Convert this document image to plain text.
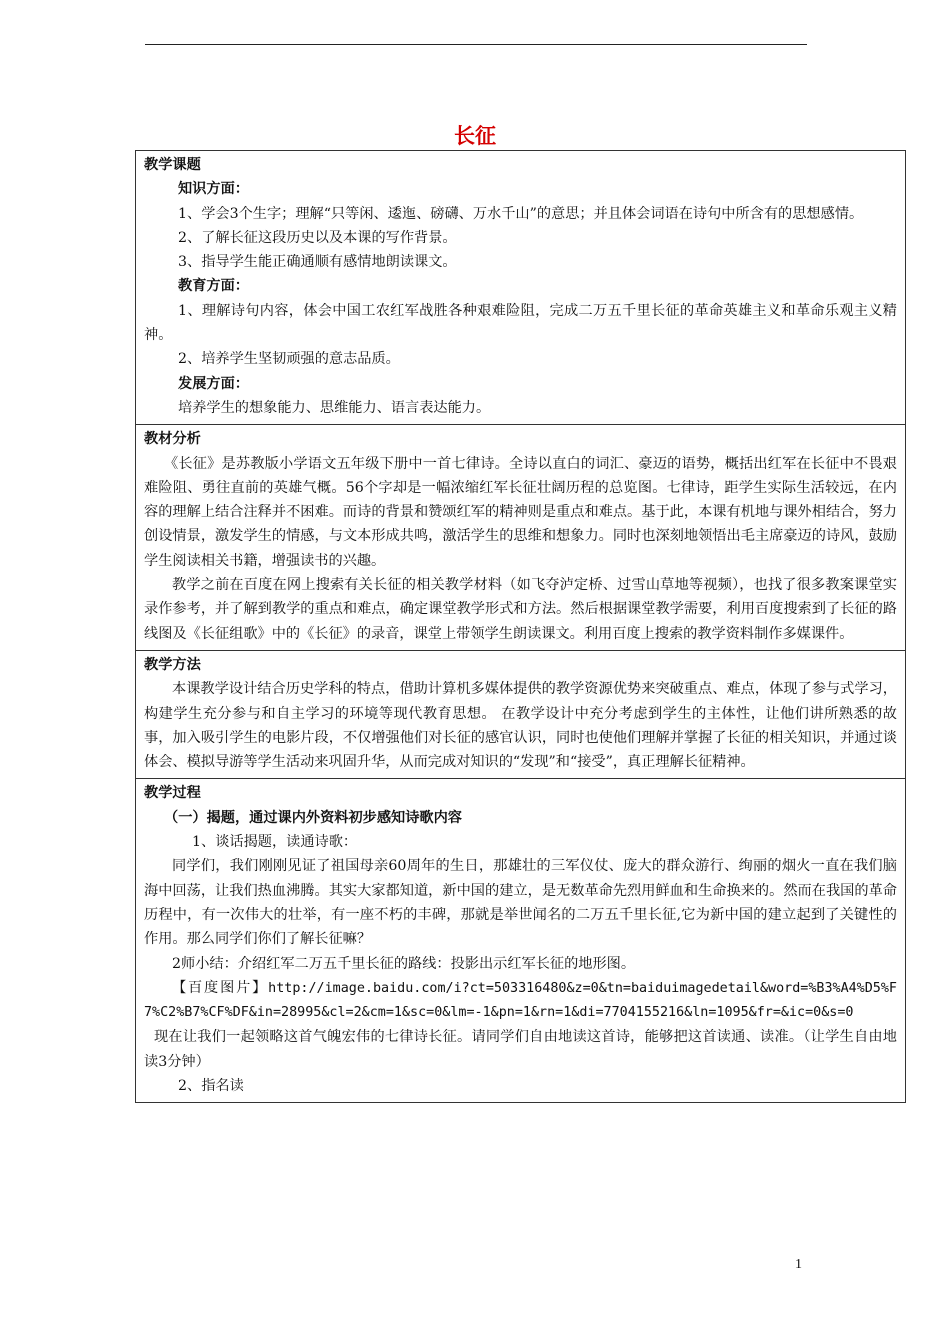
长征
教学课题
知识方面：
1、学会3个生字；理解“只等闲、逶迤、磅礴、万水千山”的意思；并且体会词语在诗句中所含有的思想感情。
2、了解长征这段历史以及本课的写作背景。
3、指导学生能正确通顺有感情地朗读课文。
教育方面：
1、理解诗句内容，体会中国工农红军战胜各种艰难险阻，完成二万五千里长征的革命英雄主义和革命乐观主义精神。
2、培养学生坚韧顽强的意志品质。
发展方面：
培养学生的想象能力、思维能力、语言表达能力。

教材分析
《长征》是苏教版小学语文五年级下册中一首七律诗。全诗以直白的词汇、豪迈的语势，概括出红军在长征中不畏艰难险阻、勇往直前的英雄气概。56个字却是一幅浓缩红军长征壮阔历程的总览图。七律诗，距学生实际生活较远，在内容的理解上结合注释并不困难。而诗的背景和赞颂红军的精神则是重点和难点。基于此，本课有机地与课外相结合，努力创设情景，激发学生的情感，与文本形成共鸣，激活学生的思维和想象力。同时也深刻地领悟出毛主席豪迈的诗风，鼓励学生阅读相关书籍，增强读书的兴趣。
教学之前在百度在网上搜索有关长征的相关教学材料（如飞夺泸定桥、过雪山草地等视频），也找了很多教案课堂实录作参考，并了解到教学的重点和难点，确定课堂教学形式和方法。然后根据课堂教学需要，利用百度搜索到了长征的路线图及《长征组歌》中的《长征》的录音，课堂上带领学生朗读课文。利用百度上搜索的教学资料制作多媒课件。

教学方法
本课教学设计结合历史学科的特点，借助计算机多媒体提供的教学资源优势来突破重点、难点，体现了参与式学习，构建学生充分参与和自主学习的环境等现代教育思想。 在教学设计中充分考虑到学生的主体性，让他们讲所熟悉的故事，加入吸引学生的电影片段，不仅增强他们对长征的感官认识，同时也使他们理解并掌握了长征的相关知识，并通过谈体会、模拟导游等学生活动来巩固升华，从而完成对知识的“发现”和“接受”，真正理解长征精神。

教学过程
（一）揭题，通过课内外资料初步感知诗歌内容
1、谈话揭题，读通诗歌：
同学们，我们刚刚见证了祖国母亲60周年的生日，那雄壮的三军仪仗、庞大的群众游行、绚丽的烟火一直在我们脑海中回荡，让我们热血沸腾。其实大家都知道，新中国的建立，是无数革命先烈用鲜血和生命换来的。然而在我国的革命历程中，有一次伟大的壮举，有一座不朽的丰碑，那就是举世闻名的二万五千里长征,它为新中国的建立起到了关键性的作用。那么同学们你们了解长征嘛？
2师小结：介绍红军二万五千里长征的路线：投影出示红军长征的地形图。
【百度图片】http://image.baidu.com/i?ct=503316480&z=0&tn=baiduimagedetail&word=%B3%A4%D5%F7%C2%B7%CF%DF&in=28995&cl=2&cm=1&sc=0&lm=-1&pn=1&rn=1&di=7704155216&ln=1095&fr=&ic=0&s=0
现在让我们一起领略这首气魄宏伟的七律诗长征。请同学们自由地读这首诗，能够把这首读通、读准。（让学生自由地读3分钟）
2、指名读
1
